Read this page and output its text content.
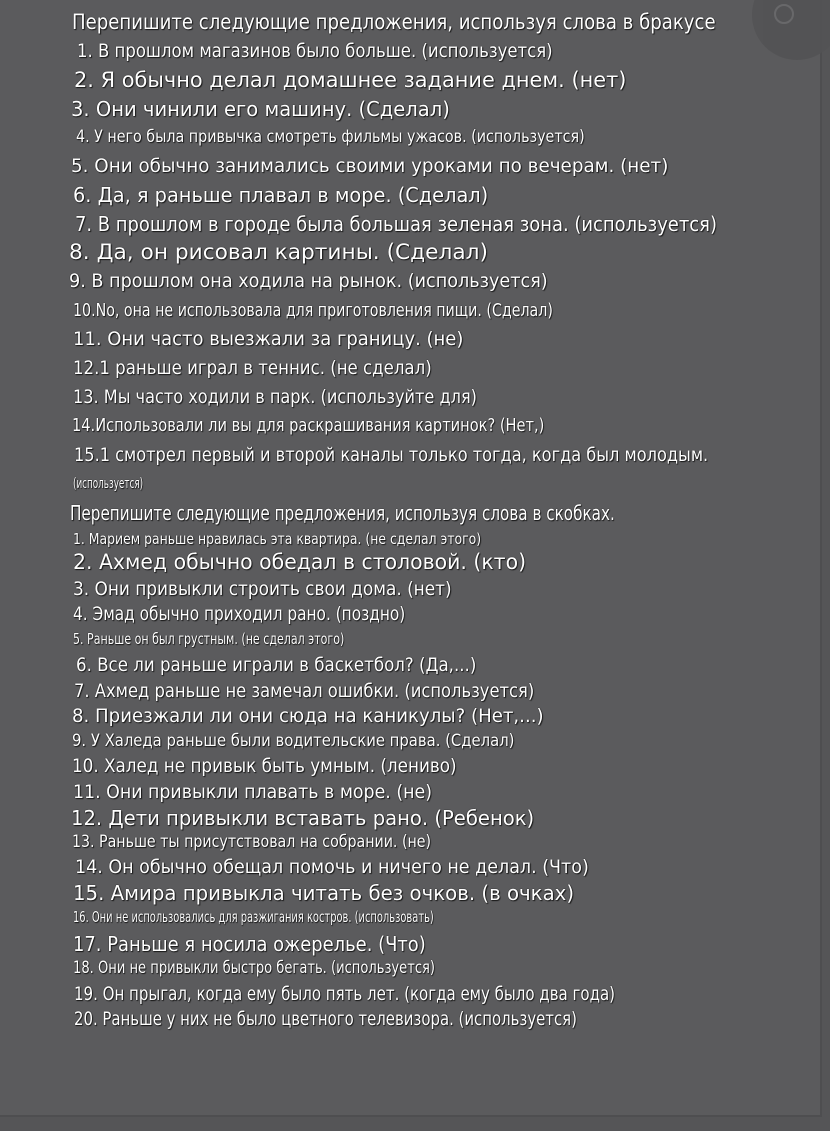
Перепишите следующие предложения, используя слова в бракусе
1. В прошлом магазинов было больше. (используется)
2. Я обычно делал домашнее задание днем. (нет)
3. Они чинили его машину. (Сделал)
4. У него была привычка смотреть фильмы ужасов. (используется)
5. Они обычно занимались своими уроками по вечерам. (нет)
6. Да, я раньше плавал в море. (Сделал)
7. В прошлом в городе была большая зеленая зона. (используется)
8. Да, он рисовал картины. (Сделал)
9. В прошлом она ходила на рынок. (используется)
10.No, она не использовала для приготовления пищи. (Сделал)
11. Они часто выезжали за границу. (не)
12.1 раньше играл в теннис. (не сделал)
13. Мы часто ходили в парк. (используйте для)
14.Использовали ли вы для раскрашивания картинок? (Нет,)
15.1 смотрел первый и второй каналы только тогда, когда был молодым.
(используется)
Перепишите следующие предложения, используя слова в скобках.
1. Марием раньше нравилась эта квартира. (не сделал этого)
2. Ахмед обычно обедал в столовой. (кто)
3. Они привыкли строить свои дома. (нет)
4. Эмад обычно приходил рано. (поздно)
5. Раньше он был грустным. (не сделал этого)
6. Все ли раньше играли в баскетбол? (Да,...)
7. Ахмед раньше не замечал ошибки. (используется)
8. Приезжали ли они сюда на каникулы? (Нет,...)
9. У Халеда раньше были водительские права. (Сделал)
10. Халед не привык быть умным. (лениво)
11. Они привыкли плавать в море. (не)
12. Дети привыкли вставать рано. (Ребенок)
13. Раньше ты присутствовал на собрании. (не)
14. Он обычно обещал помочь и ничего не делал. (Что)
15. Амира привыкла читать без очков. (в очках)
16. Они не использовались для разжигания костров. (использовать)
17. Раньше я носила ожерелье. (Что)
18. Они не привыкли быстро бегать. (используется)
19. Он прыгал, когда ему было пять лет. (когда ему было два года)
20. Раньше у них не было цветного телевизора. (используется)
